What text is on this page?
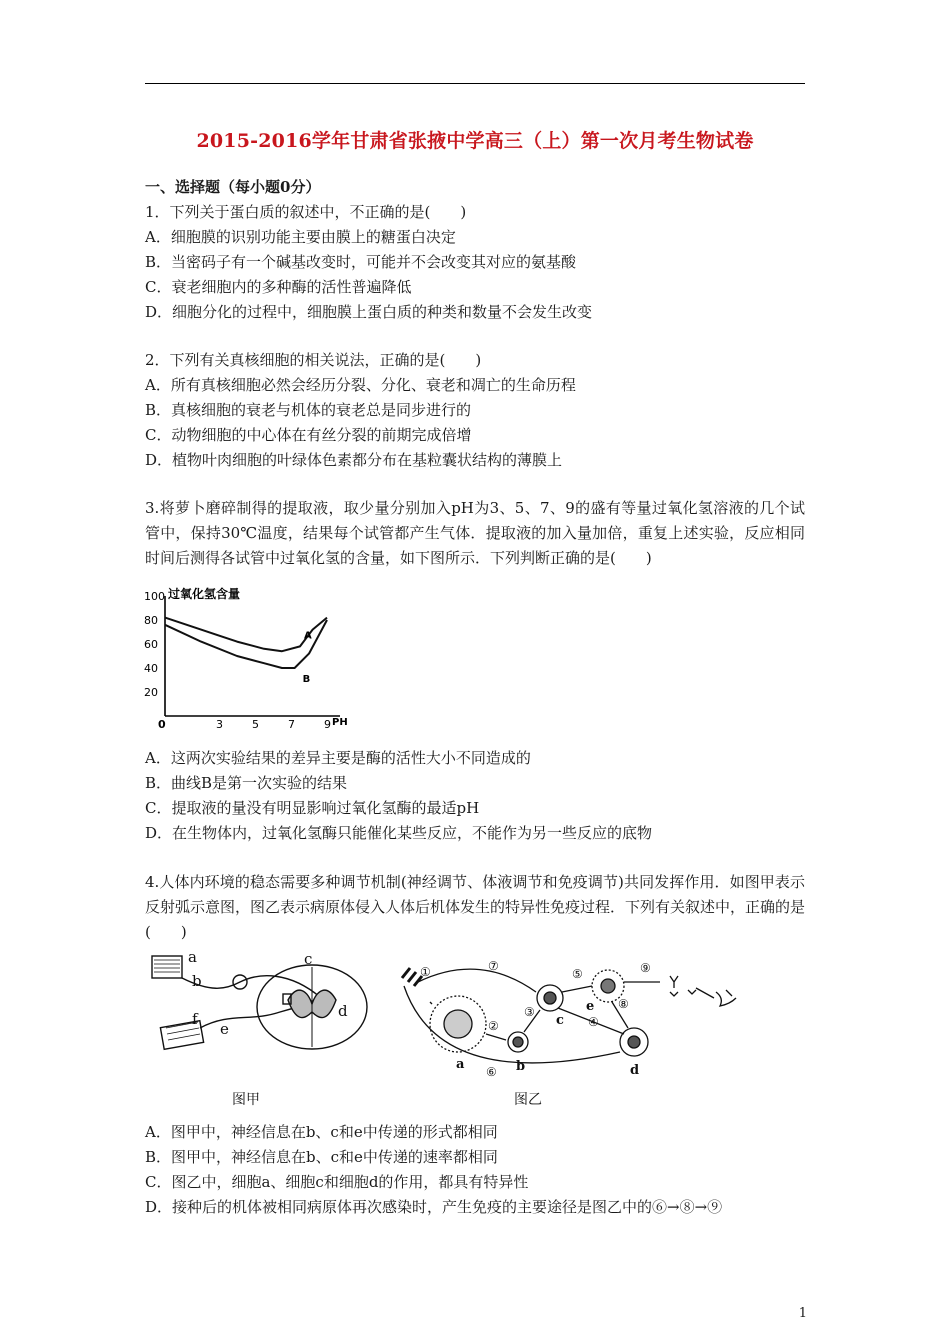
2015-2016学年甘肃省张掖中学高三（上）第一次月考生物试卷
一、选择题（每小题0分）
1．下列关于蛋白质的叙述中，不正确的是(　　)
A．细胞膜的识别功能主要由膜上的糖蛋白决定
B．当密码子有一个碱基改变时，可能并不会改变其对应的氨基酸
C．衰老细胞内的多种酶的活性普遍降低
D．细胞分化的过程中，细胞膜上蛋白质的种类和数量不会发生改变
2．下列有关真核细胞的相关说法，正确的是(　　)
A．所有真核细胞必然会经历分裂、分化、衰老和凋亡的生命历程
B．真核细胞的衰老与机体的衰老总是同步进行的
C．动物细胞的中心体在有丝分裂的前期完成倍增
D．植物叶肉细胞的叶绿体色素都分布在基粒囊状结构的薄膜上
3.将萝卜磨碎制得的提取液，取少量分别加入pH为3、5、7、9的盛有等量过氧化氢溶液的几个试管中，保持30℃温度，结果每个试管都产生气体．提取液的加入量加倍，重复上述实验，反应相同时间后测得各试管中过氧化氢的含量，如下图所示．下列判断正确的是(　　)
过氧化氢含量
20
40
60
80
100
0	3	5	7	9 PH
A
B
A．这两次实验结果的差异主要是酶的活性大小不同造成的
B．曲线B是第一次实验的结果
C．提取液的量没有明显影响过氧化氢酶的最适pH
D．在生物体内，过氧化氢酶只能催化某些反应，不能作为另一些反应的底物
4.人体内环境的稳态需要多种调节机制(神经调节、体液调节和免疫调节)共同发挥作用．如图甲表示反射弧示意图，图乙表示病原体侵入人体后机体发生的特异性免疫过程．下列有关叙述中，正确的是(　　)
a
b
c
d
e
f
图甲
①
②
③
④
⑤
⑥
⑦
⑧
⑨
a	b
c
d
e
图乙
A．图甲中，神经信息在b、c和e中传递的形式都相同
B．图甲中，神经信息在b、c和e中传递的速率都相同
C．图乙中，细胞a、细胞c和细胞d的作用，都具有特异性
D．接种后的机体被相同病原体再次感染时，产生免疫的主要途径是图乙中的⑥→⑧→⑨
1
